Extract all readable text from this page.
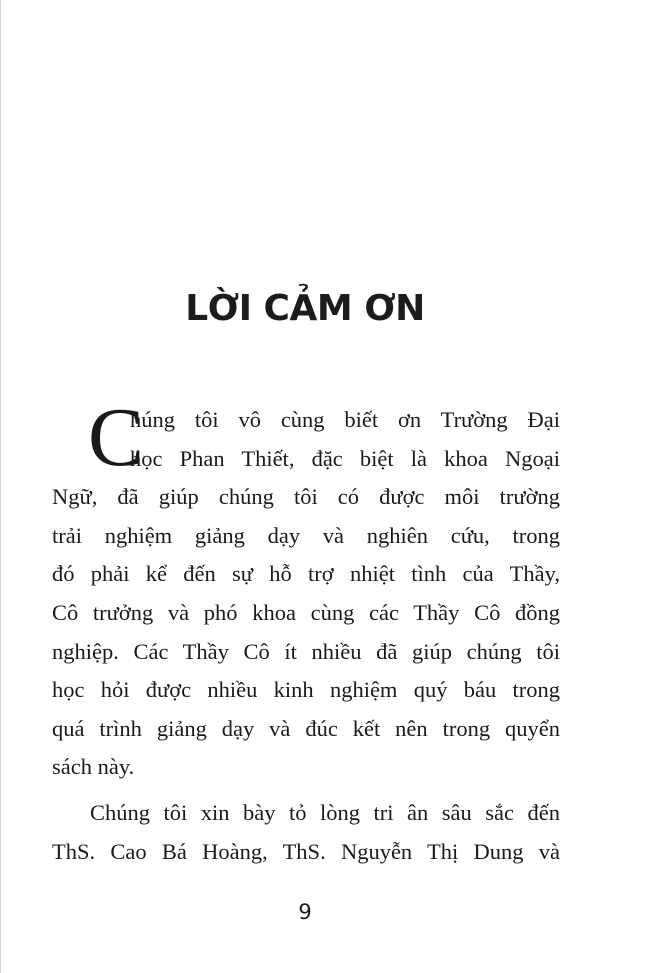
LỜI CẢM ƠN
C
húng tôi vô cùng biết ơn Trường Đại
học Phan Thiết, đặc biệt là khoa Ngoại
Ngữ, đã giúp chúng tôi có được môi trường
trải nghiệm giảng dạy và nghiên cứu, trong
đó phải kể đến sự hỗ trợ nhiệt tình của Thầy,
Cô trưởng và phó khoa cùng các Thầy Cô đồng
nghiệp. Các Thầy Cô ít nhiều đã giúp chúng tôi
học hỏi được nhiều kinh nghiệm quý báu trong
quá trình giảng dạy và đúc kết nên trong quyển
sách này.
Chúng tôi xin bày tỏ lòng tri ân sâu sắc đến
ThS. Cao Bá Hoàng, ThS. Nguyễn Thị Dung và
9
